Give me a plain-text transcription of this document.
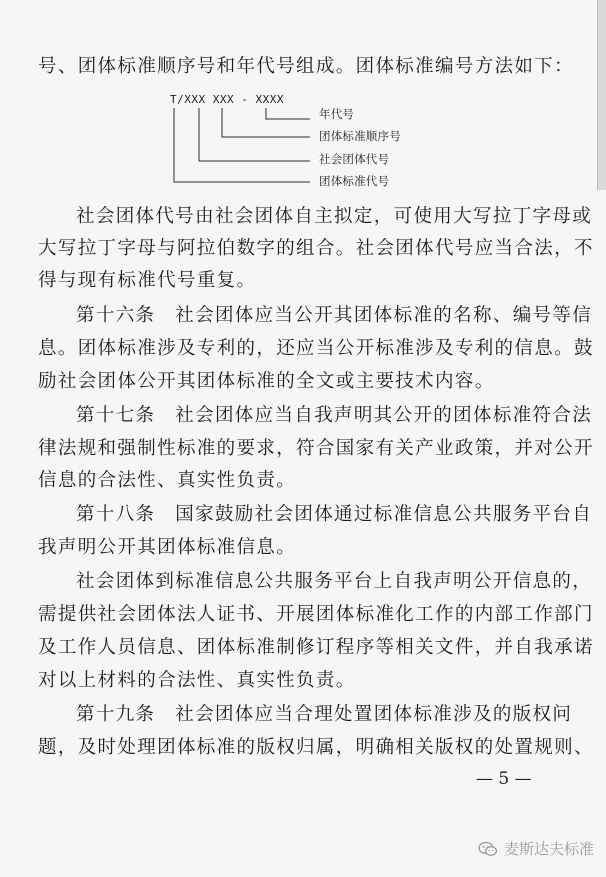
号、团体标准顺序号和年代号组成。团体标准编号方法如下：
T/XXX XXX - XXXX
年代号
团体标准顺序号
社会团体代号
团体标准代号
社会团体代号由社会团体自主拟定，可使用大写拉丁字母或
大写拉丁字母与阿拉伯数字的组合。社会团体代号应当合法，不
得与现有标准代号重复。
第十六条　社会团体应当公开其团体标准的名称、编号等信
息。团体标准涉及专利的，还应当公开标准涉及专利的信息。鼓
励社会团体公开其团体标准的全文或主要技术内容。
第十七条　社会团体应当自我声明其公开的团体标准符合法
律法规和强制性标准的要求，符合国家有关产业政策，并对公开
信息的合法性、真实性负责。
第十八条　国家鼓励社会团体通过标准信息公共服务平台自
我声明公开其团体标准信息。
社会团体到标准信息公共服务平台上自我声明公开信息的，
需提供社会团体法人证书、开展团体标准化工作的内部工作部门
及工作人员信息、团体标准制修订程序等相关文件，并自我承诺
对以上材料的合法性、真实性负责。
第十九条　社会团体应当合理处置团体标准涉及的版权问
题，及时处理团体标准的版权归属，明确相关版权的处置规则、
— 5 —
麦斯达夫标准
